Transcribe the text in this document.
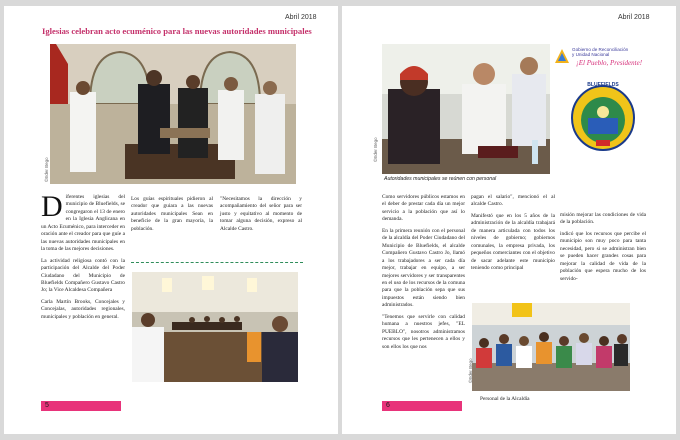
Abril 2018
Iglesias celebran acto ecuménico para las nuevas autoridades municipales
©Eder Bego

D iferentes iglesias del municipio de Bluefields, se congregaron el 13 de enero en la Iglesia Anglicana en un Acto Ecuménico, para interceder en oración ante el creador para que guíe a las nuevas autoridades municipales en la toma de las mejores decisiones.

La actividad religiosa contó con la participación del Alcalde del Poder Ciudadano del Municipio de Bluefields Compañero Gustavo Castro Jo; la Vice Alcaldesa Compañera

Carla Martín Brooks, Concejales y Concejalas, autoridades regionales, municipales y población en general.

Los guías espirituales pidieron al creador que guiara a las nuevas autoridades municipales Sean en beneficie de la gran mayoría, la población.

"Necesitamos la dirección y acompañamiento del señor para ser justo y equitativo al momento de tomar alguna decisión, expreso al Alcalde Castro.

5
Abril 2018
©Eder Bego
Autoridades municipales se reúnen con personal
Gobierno de Reconciliación
y Unidad Nacional
¡El Pueblo, Presidente!
BLUEFIELDS

Como servidores públicos estamos en el deber de prestar cada día un mejor servicio a la población que así lo demanda.

En la primera reunión con el personal de la alcaldía del Poder Ciudadano del Municipio de Bluefields, el alcalde Compañero Gustavo Castro Jo, llamó a los trabajadores a ser cada día mejor, trabajar en equipo, a ser mejores servidores y ser transparentes en el uso de los recursos de la comuna para que la población sepa que sus impuestos están siendo bien administrados.

"Tenemos que servirle con calidad humana a nuestros jefes, "EL PUEBLO", nosotros administramos recursos que les pertenecen a ellos y son ellos los que nos

pagan el salario", mencionó el al alcalde Castro.

Manifestó que en los 5 años de la administración de la alcaldía trabajará de manera articulada con todos los niveles de gobierno; gobiernos comunales, la empresa privada, los pequeños comerciantes con el objetivo de sacar adelante este municipio teniendo como principal

misión mejorar las condiciones de vida de la población.

indicó que los recursos que percibe el municipio son muy poco para tanta necesidad, pero si se administran bien se pueden hacer grandes cosas para mejorar la calidad de vida de la población que espera mucho de los servido-

©Eder Bego
Personal de la Alcaldía
6
